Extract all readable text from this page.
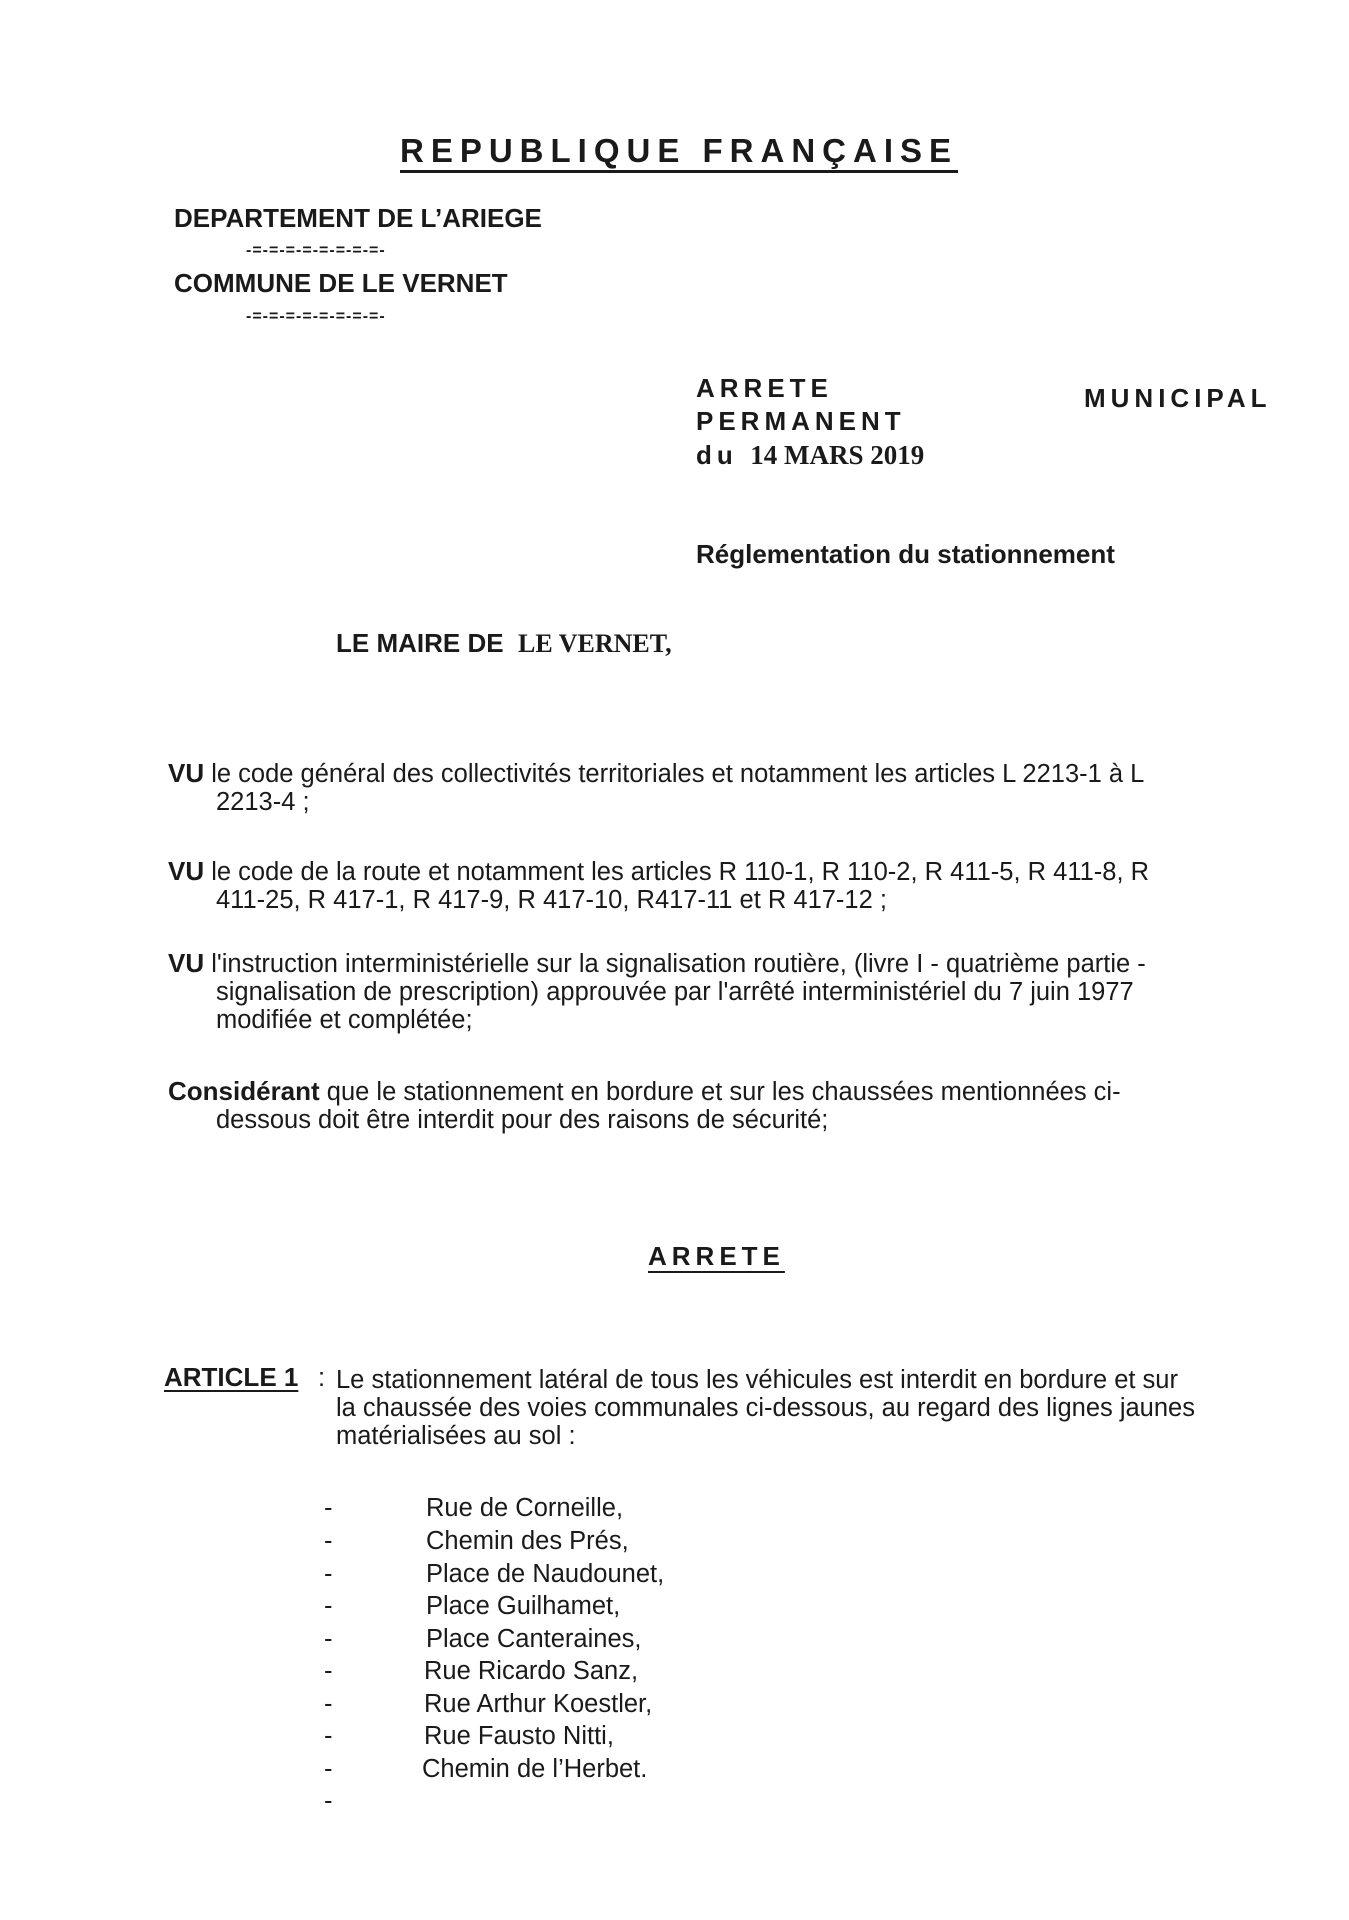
REPUBLIQUE FRANÇAISE
DEPARTEMENT DE L’ARIEGE
-=-=-=-=-=-=-=-=-
COMMUNE DE LE VERNET
-=-=-=-=-=-=-=-=-
ARRETE	MUNICIPAL
PERMANENT
du 14 MARS 2019
Réglementation du stationnement
LE MAIRE DE LE VERNET,
VU le code général des collectivités territoriales et notamment les articles L 2213-1 à L
2213-4 ;
VU le code de la route et notamment les articles R 110-1, R 110-2, R 411-5, R 411-8, R
411-25, R 417-1, R 417-9, R 417-10, R417-11 et R 417-12 ;
VU l'instruction interministérielle sur la signalisation routière, (livre I - quatrième partie -
signalisation de prescription) approuvée par l'arrêté interministériel du 7 juin 1977
modifiée et complétée;
Considérant que le stationnement en bordure et sur les chaussées mentionnées ci-
dessous doit être interdit pour des raisons de sécurité;
ARRETE
ARTICLE 1 : Le stationnement latéral de tous les véhicules est interdit en bordure et sur
la chaussée des voies communales ci-dessous, au regard des lignes jaunes
matérialisées au sol :
-	Rue de Corneille,
-	Chemin des Prés,
-	Place de Naudounet,
-	Place Guilhamet,
-	Place Canteraines,
-	Rue Ricardo Sanz,
-	Rue Arthur Koestler,
-	Rue Fausto Nitti,
-	Chemin de l’Herbet.
-
